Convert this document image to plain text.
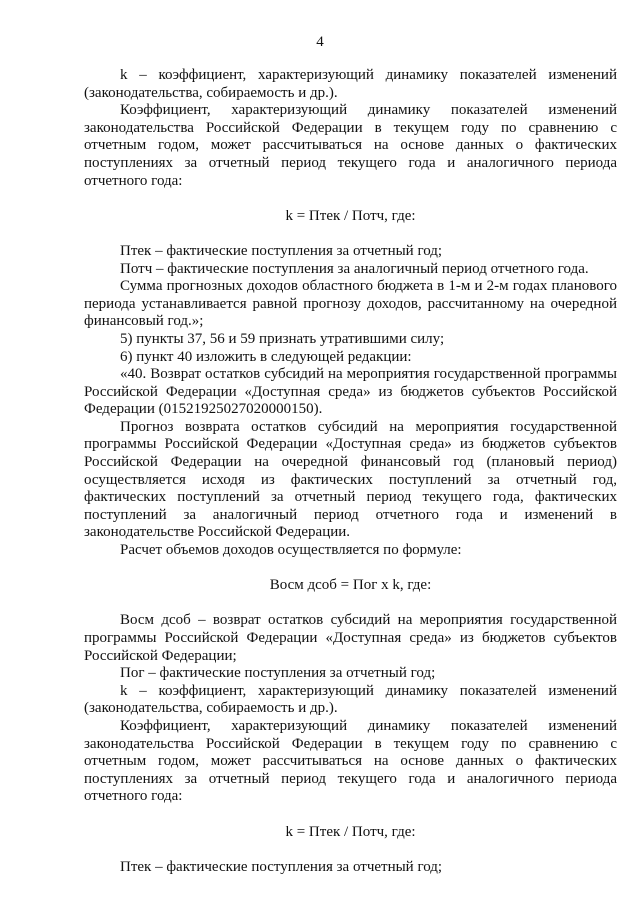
4

k – коэффициент, характеризующий динамику показателей изменений (законодательства, собираемость и др.).

Коэффициент, характеризующий динамику показателей изменений законодательства Российской Федерации в текущем году по сравнению с отчетным годом, может рассчитываться на основе данных о фактических поступлениях за отчетный период текущего года и аналогичного периода отчетного года:

k = Птек / Потч, где:

Птек – фактические поступления за отчетный год;

Потч – фактические поступления за аналогичный период отчетного года.

Сумма прогнозных доходов областного бюджета в 1-м и 2-м годах планового периода устанавливается равной прогнозу доходов, рассчитанному на очередной финансовый год.»;

5) пункты 37, 56 и 59 признать утратившими силу;

6) пункт 40 изложить в следующей редакции:

«40. Возврат остатков субсидий на мероприятия государственной программы Российской Федерации «Доступная среда» из бюджетов субъектов Российской Федерации (01521925027020000150).

Прогноз возврата остатков субсидий на мероприятия государственной программы Российской Федерации «Доступная среда» из бюджетов субъектов Российской Федерации на очередной финансовый год (плановый период) осуществляется исходя из фактических поступлений за отчетный год, фактических поступлений за отчетный период текущего года, фактических поступлений за аналогичный период отчетного года и изменений в законодательстве Российской Федерации.

Расчет объемов доходов осуществляется по формуле:

Восм дсоб = Пог х k, где:

Восм дсоб – возврат остатков субсидий на мероприятия государственной программы Российской Федерации «Доступная среда» из бюджетов субъектов Российской Федерации;

Пог – фактические поступления за отчетный год;

k – коэффициент, характеризующий динамику показателей изменений (законодательства, собираемость и др.).

Коэффициент, характеризующий динамику показателей изменений законодательства Российской Федерации в текущем году по сравнению с отчетным годом, может рассчитываться на основе данных о фактических поступлениях за отчетный период текущего года и аналогичного периода отчетного года:

k = Птек / Потч, где:

Птек – фактические поступления за отчетный год;
